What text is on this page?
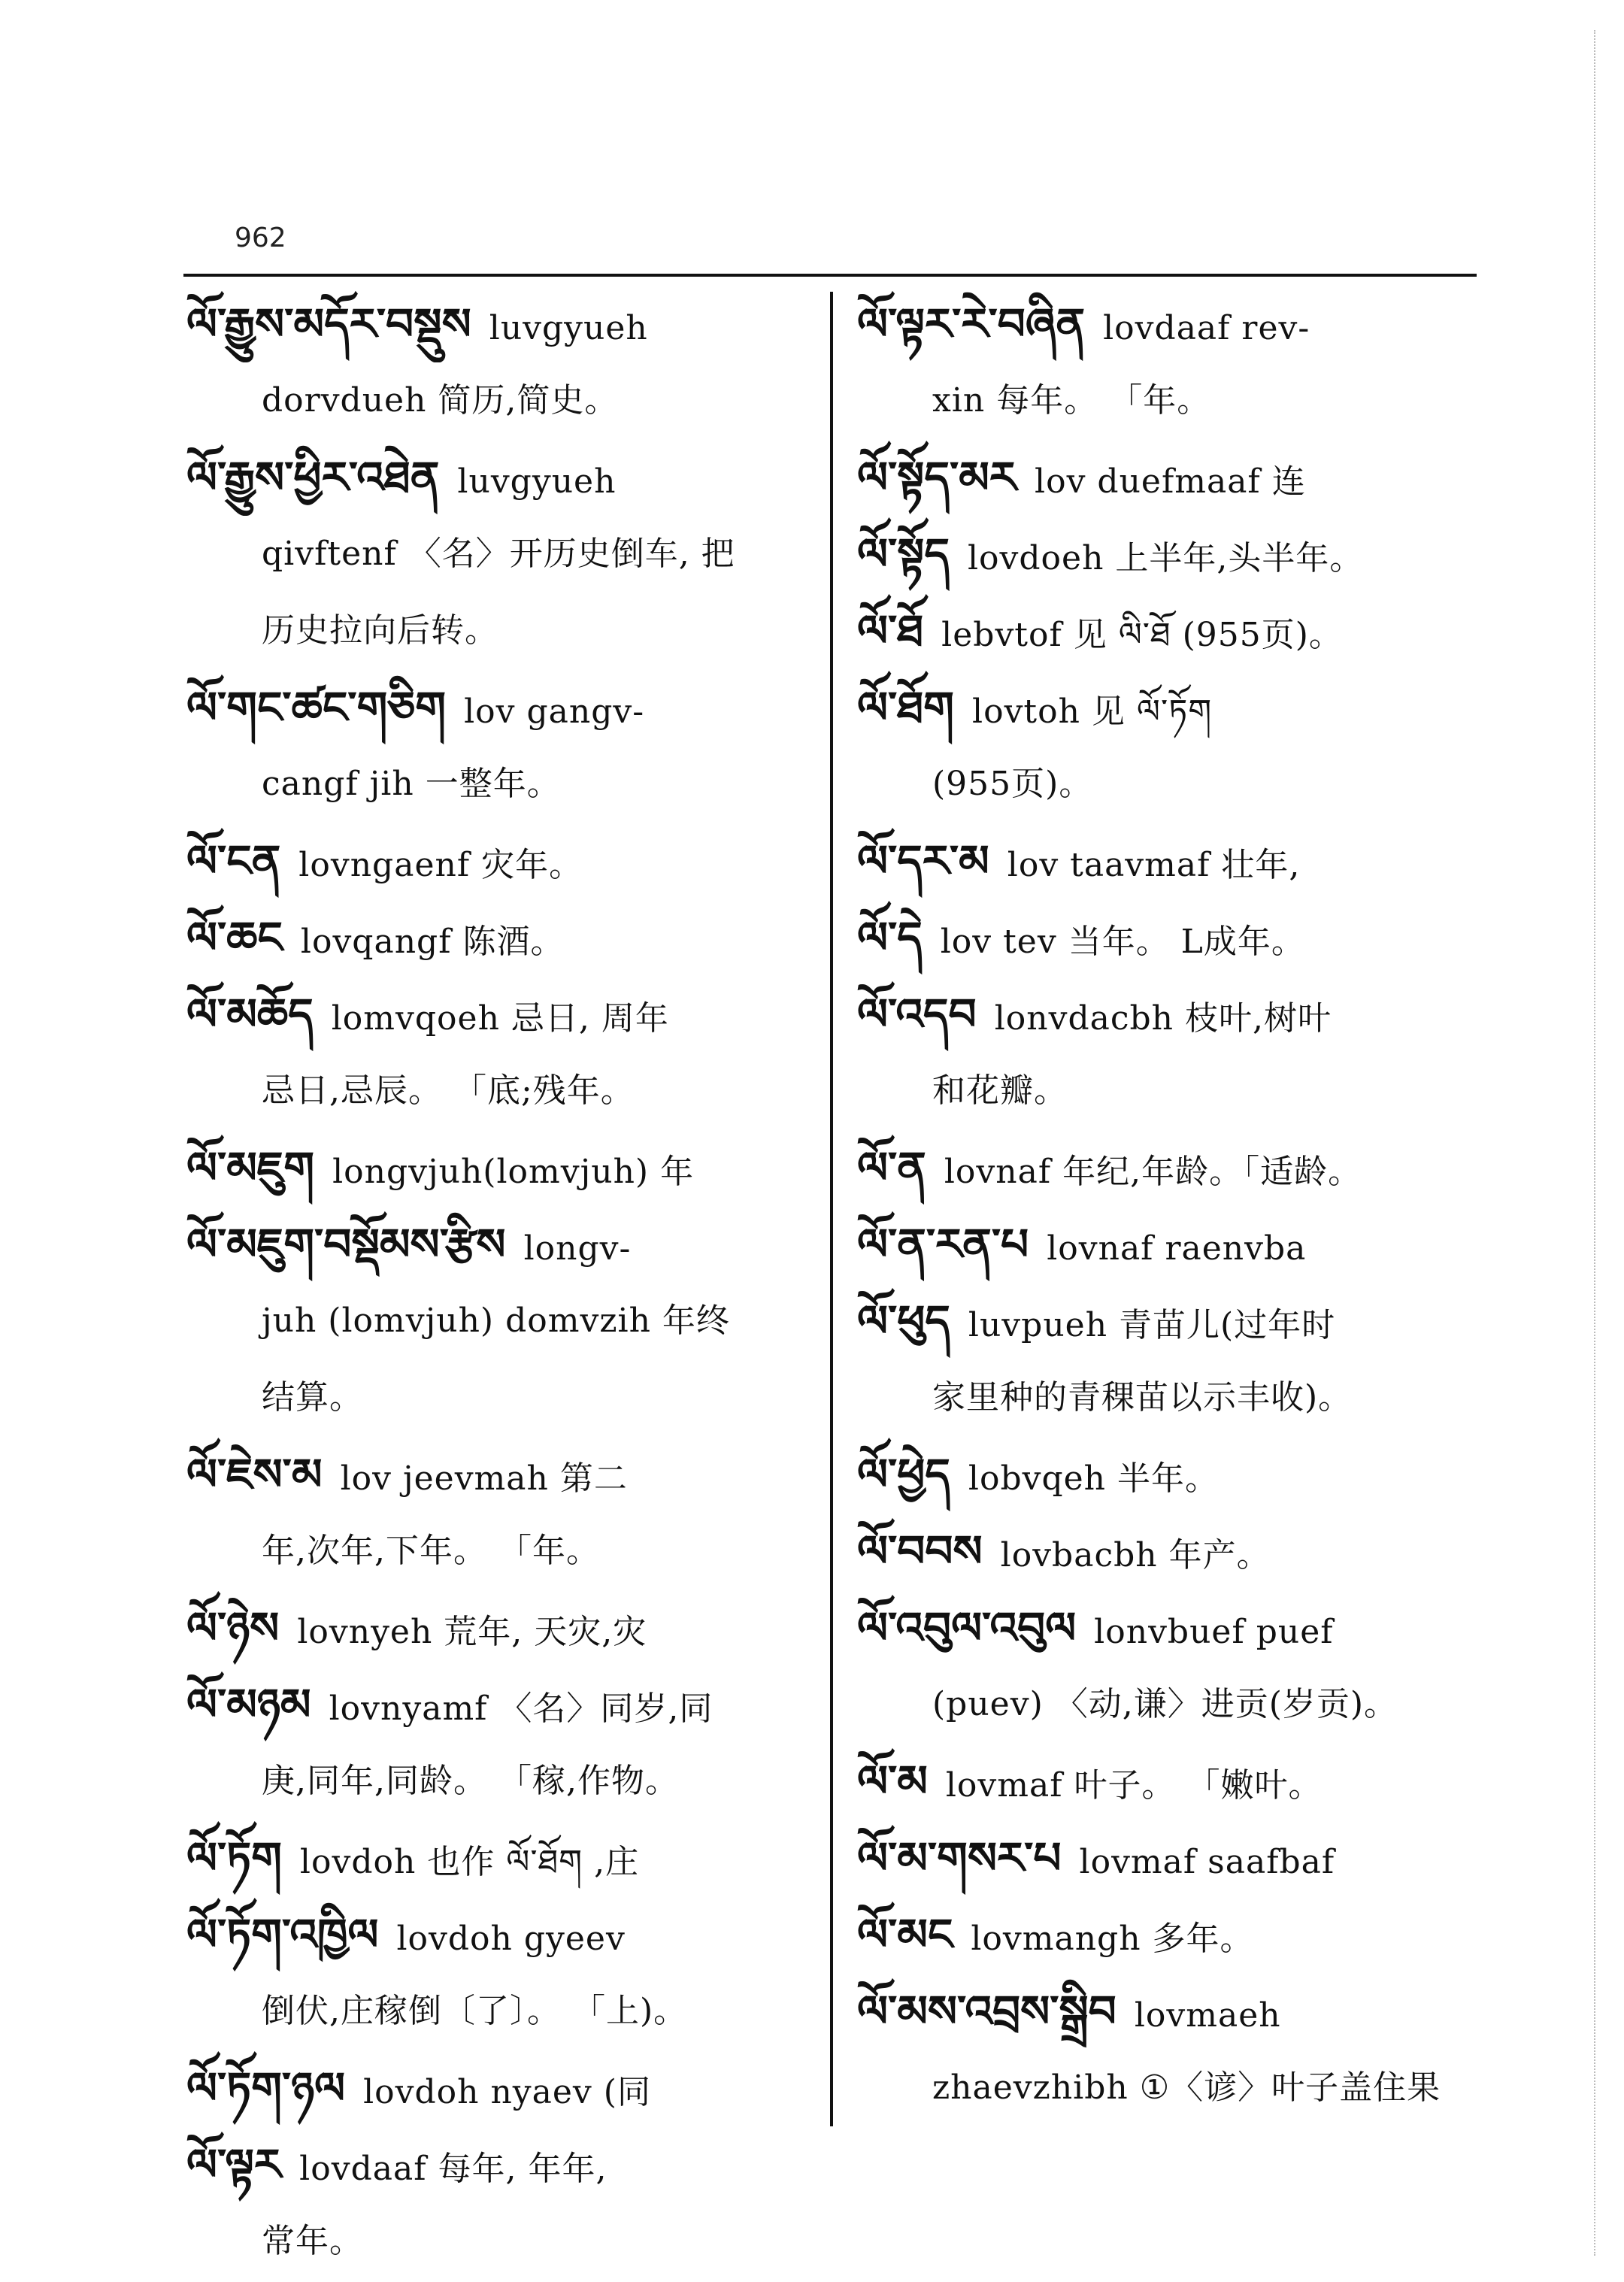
962
ལོ་རྒྱུས་མདོར་བསྡུས luvgyueh
dorvdueh 简历,简史。
ལོ་རྒྱུས་ཕྱིར་འཐེན luvgyueh
qivftenf 〈名〉开历史倒车, 把
历史拉向后转。
ལོ་གང་ཚང་གཅིག lov gangv-
cangf jih 一整年。
ལོ་ངན lovngaenf 灾年。
ལོ་ཆང lovqangf 陈酒。
ལོ་མཆོད lomvqoeh 忌日, 周年
忌日,忌辰。 「底;残年。
ལོ་མཇུག longvjuh(lomvjuh) 年
ལོ་མཇུག་བསྡོམས་རྩིས longv-
juh (lomvjuh) domvzih 年终
结算。
ལོ་ཇེས་མ lov jeevmah 第二
年,次年,下年。 「年。
ལོ་ཉེས lovnyeh 荒年, 天灾,灾
ལོ་མཉམ lovnyamf 〈名〉同岁,同
庚,同年,同龄。 「稼,作物。
ལོ་ཏོག lovdoh 也作 ལོ་ཐོག ,庄
ལོ་ཏོག་འཁྱིལ lovdoh gyeev
倒伏,庄稼倒〔了〕。 「上)。
ལོ་ཏོག་ཉལ lovdoh nyaev (同
ལོ་ལྟར lovdaaf 每年, 年年,
常年。
ལོ་ལྟར་རེ་བཞིན lovdaaf rev-
xin 每年。 「年。
ལོ་སྟོད་མར lov duefmaaf 连
ལོ་སྟོད lovdoeh 上半年,头半年。
ལོ་ཐོ lebvtof 见 ལི་ཐོ (955页)。
ལོ་ཐོག lovtoh 见 ལོ་ཏོག
(955页)。
ལོ་དར་མ lov taavmaf 壮年,
ལོ་དེ lov tev 当年。 L成年。
ལོ་འདབ lonvdacbh 枝叶,树叶
和花瓣。
ལོ་ན lovnaf 年纪,年龄。「适龄。
ལོ་ན་རན་པ lovnaf raenvba
ལོ་ཕུད luvpueh 青苗儿(过年时
家里种的青稞苗以示丰收)。
ལོ་ཕྱེད lobvqeh 半年。
ལོ་བབས lovbacbh 年产。
ལོ་འབུལ་འབུལ lonvbuef puef
(puev) 〈动,谦〉进贡(岁贡)。
ལོ་མ lovmaf 叶子。 「嫩叶。
ལོ་མ་གསར་པ lovmaf saafbaf
ལོ་མང lovmangh 多年。
ལོ་མས་འབྲས་སྒྲིབ lovmaeh
zhaevzhibh ①〈谚〉叶子盖住果
